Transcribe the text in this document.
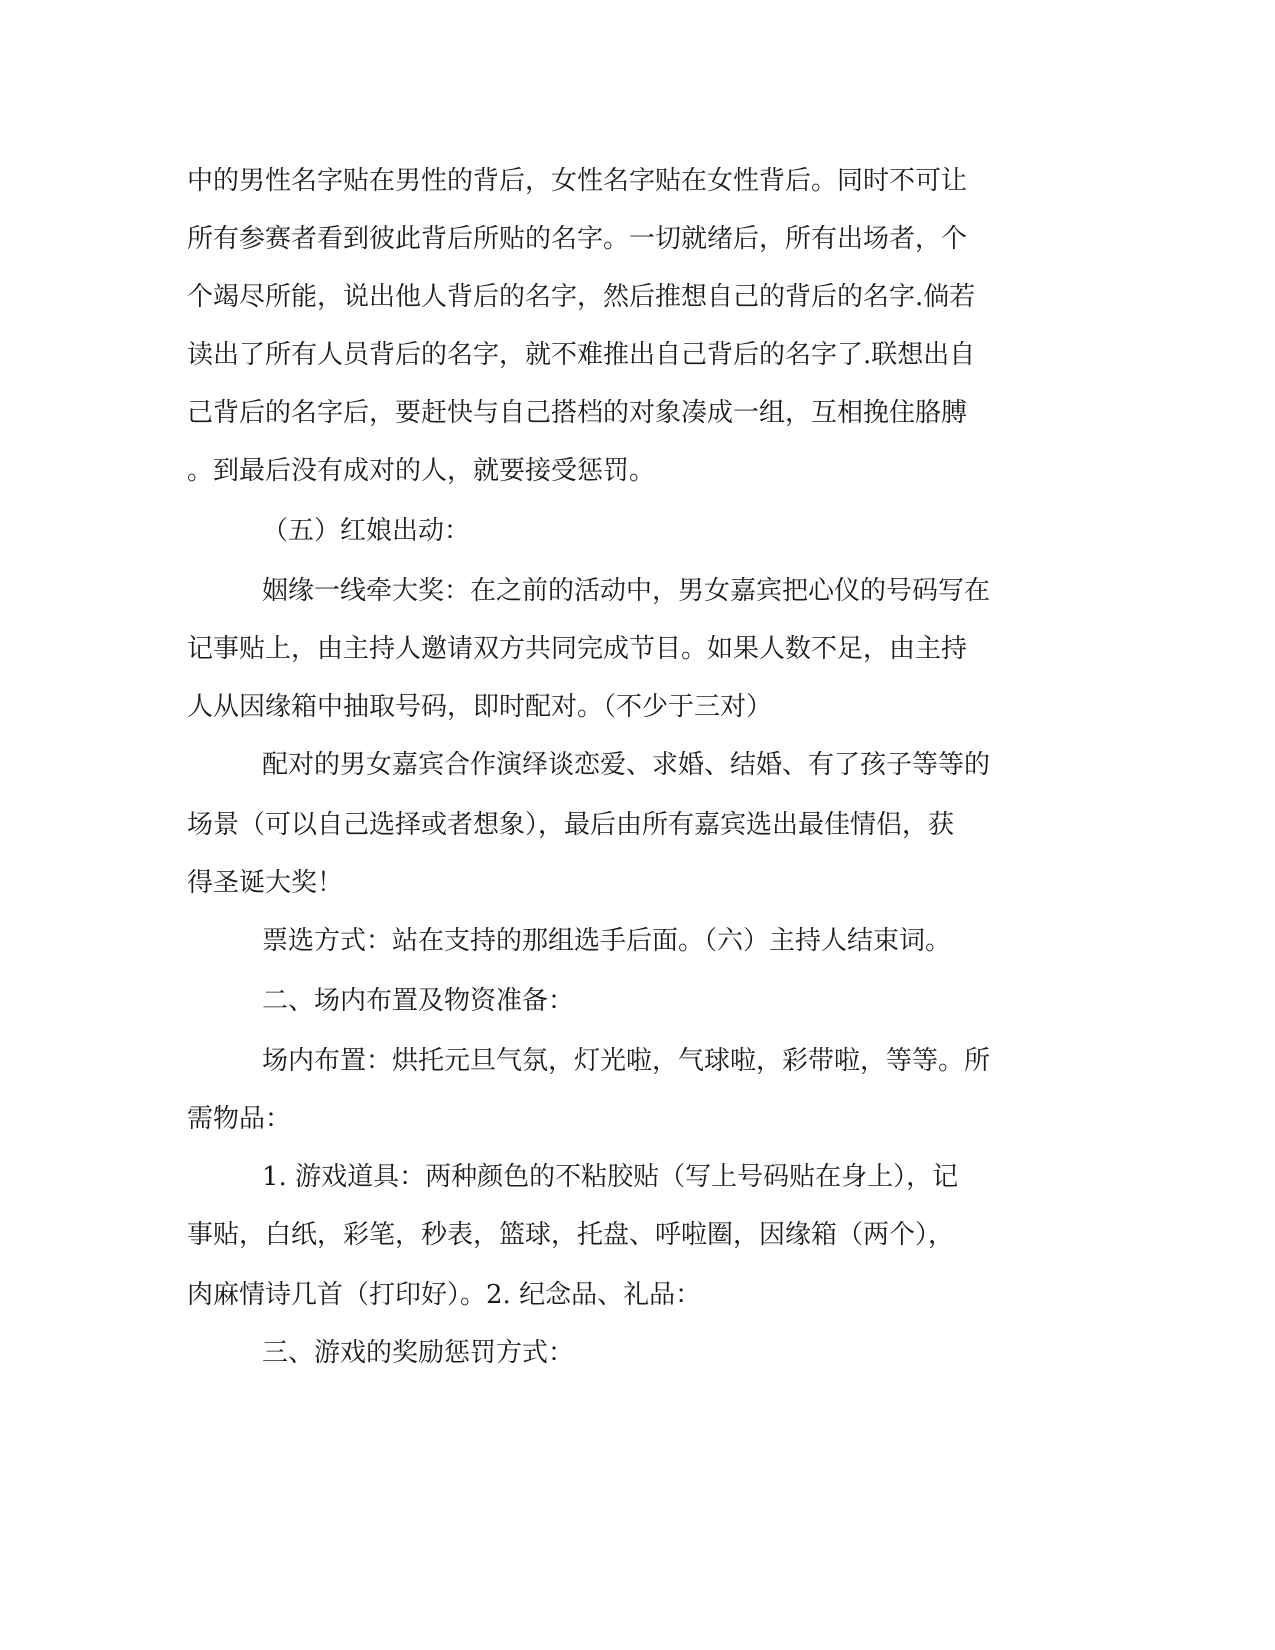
中的男性名字贴在男性的背后，女性名字贴在女性背后。同时不可让
所有参赛者看到彼此背后所贴的名字。一切就绪后，所有出场者，个
个竭尽所能，说出他人背后的名字，然后推想自己的背后的名字.倘若
读出了所有人员背后的名字，就不难推出自己背后的名字了.联想出自
己背后的名字后，要赶快与自己搭档的对象凑成一组，互相挽住胳膊
。到最后没有成对的人，就要接受惩罚。
（五）红娘出动：
姻缘一线牵大奖：在之前的活动中，男女嘉宾把心仪的号码写在
记事贴上，由主持人邀请双方共同完成节目。如果人数不足，由主持
人从因缘箱中抽取号码，即时配对。（不少于三对）
配对的男女嘉宾合作演绎谈恋爱、求婚、结婚、有了孩子等等的
场景（可以自己选择或者想象），最后由所有嘉宾选出最佳情侣，获
得圣诞大奖！
票选方式：站在支持的那组选手后面。（六）主持人结束词。
二、场内布置及物资准备：
场内布置：烘托元旦气氛，灯光啦，气球啦，彩带啦，等等。所
需物品：
1. 游戏道具：两种颜色的不粘胶贴（写上号码贴在身上），记
事贴，白纸，彩笔，秒表，篮球，托盘、呼啦圈，因缘箱（两个），
肉麻情诗几首（打印好）。2. 纪念品、礼品：
三、游戏的奖励惩罚方式：
